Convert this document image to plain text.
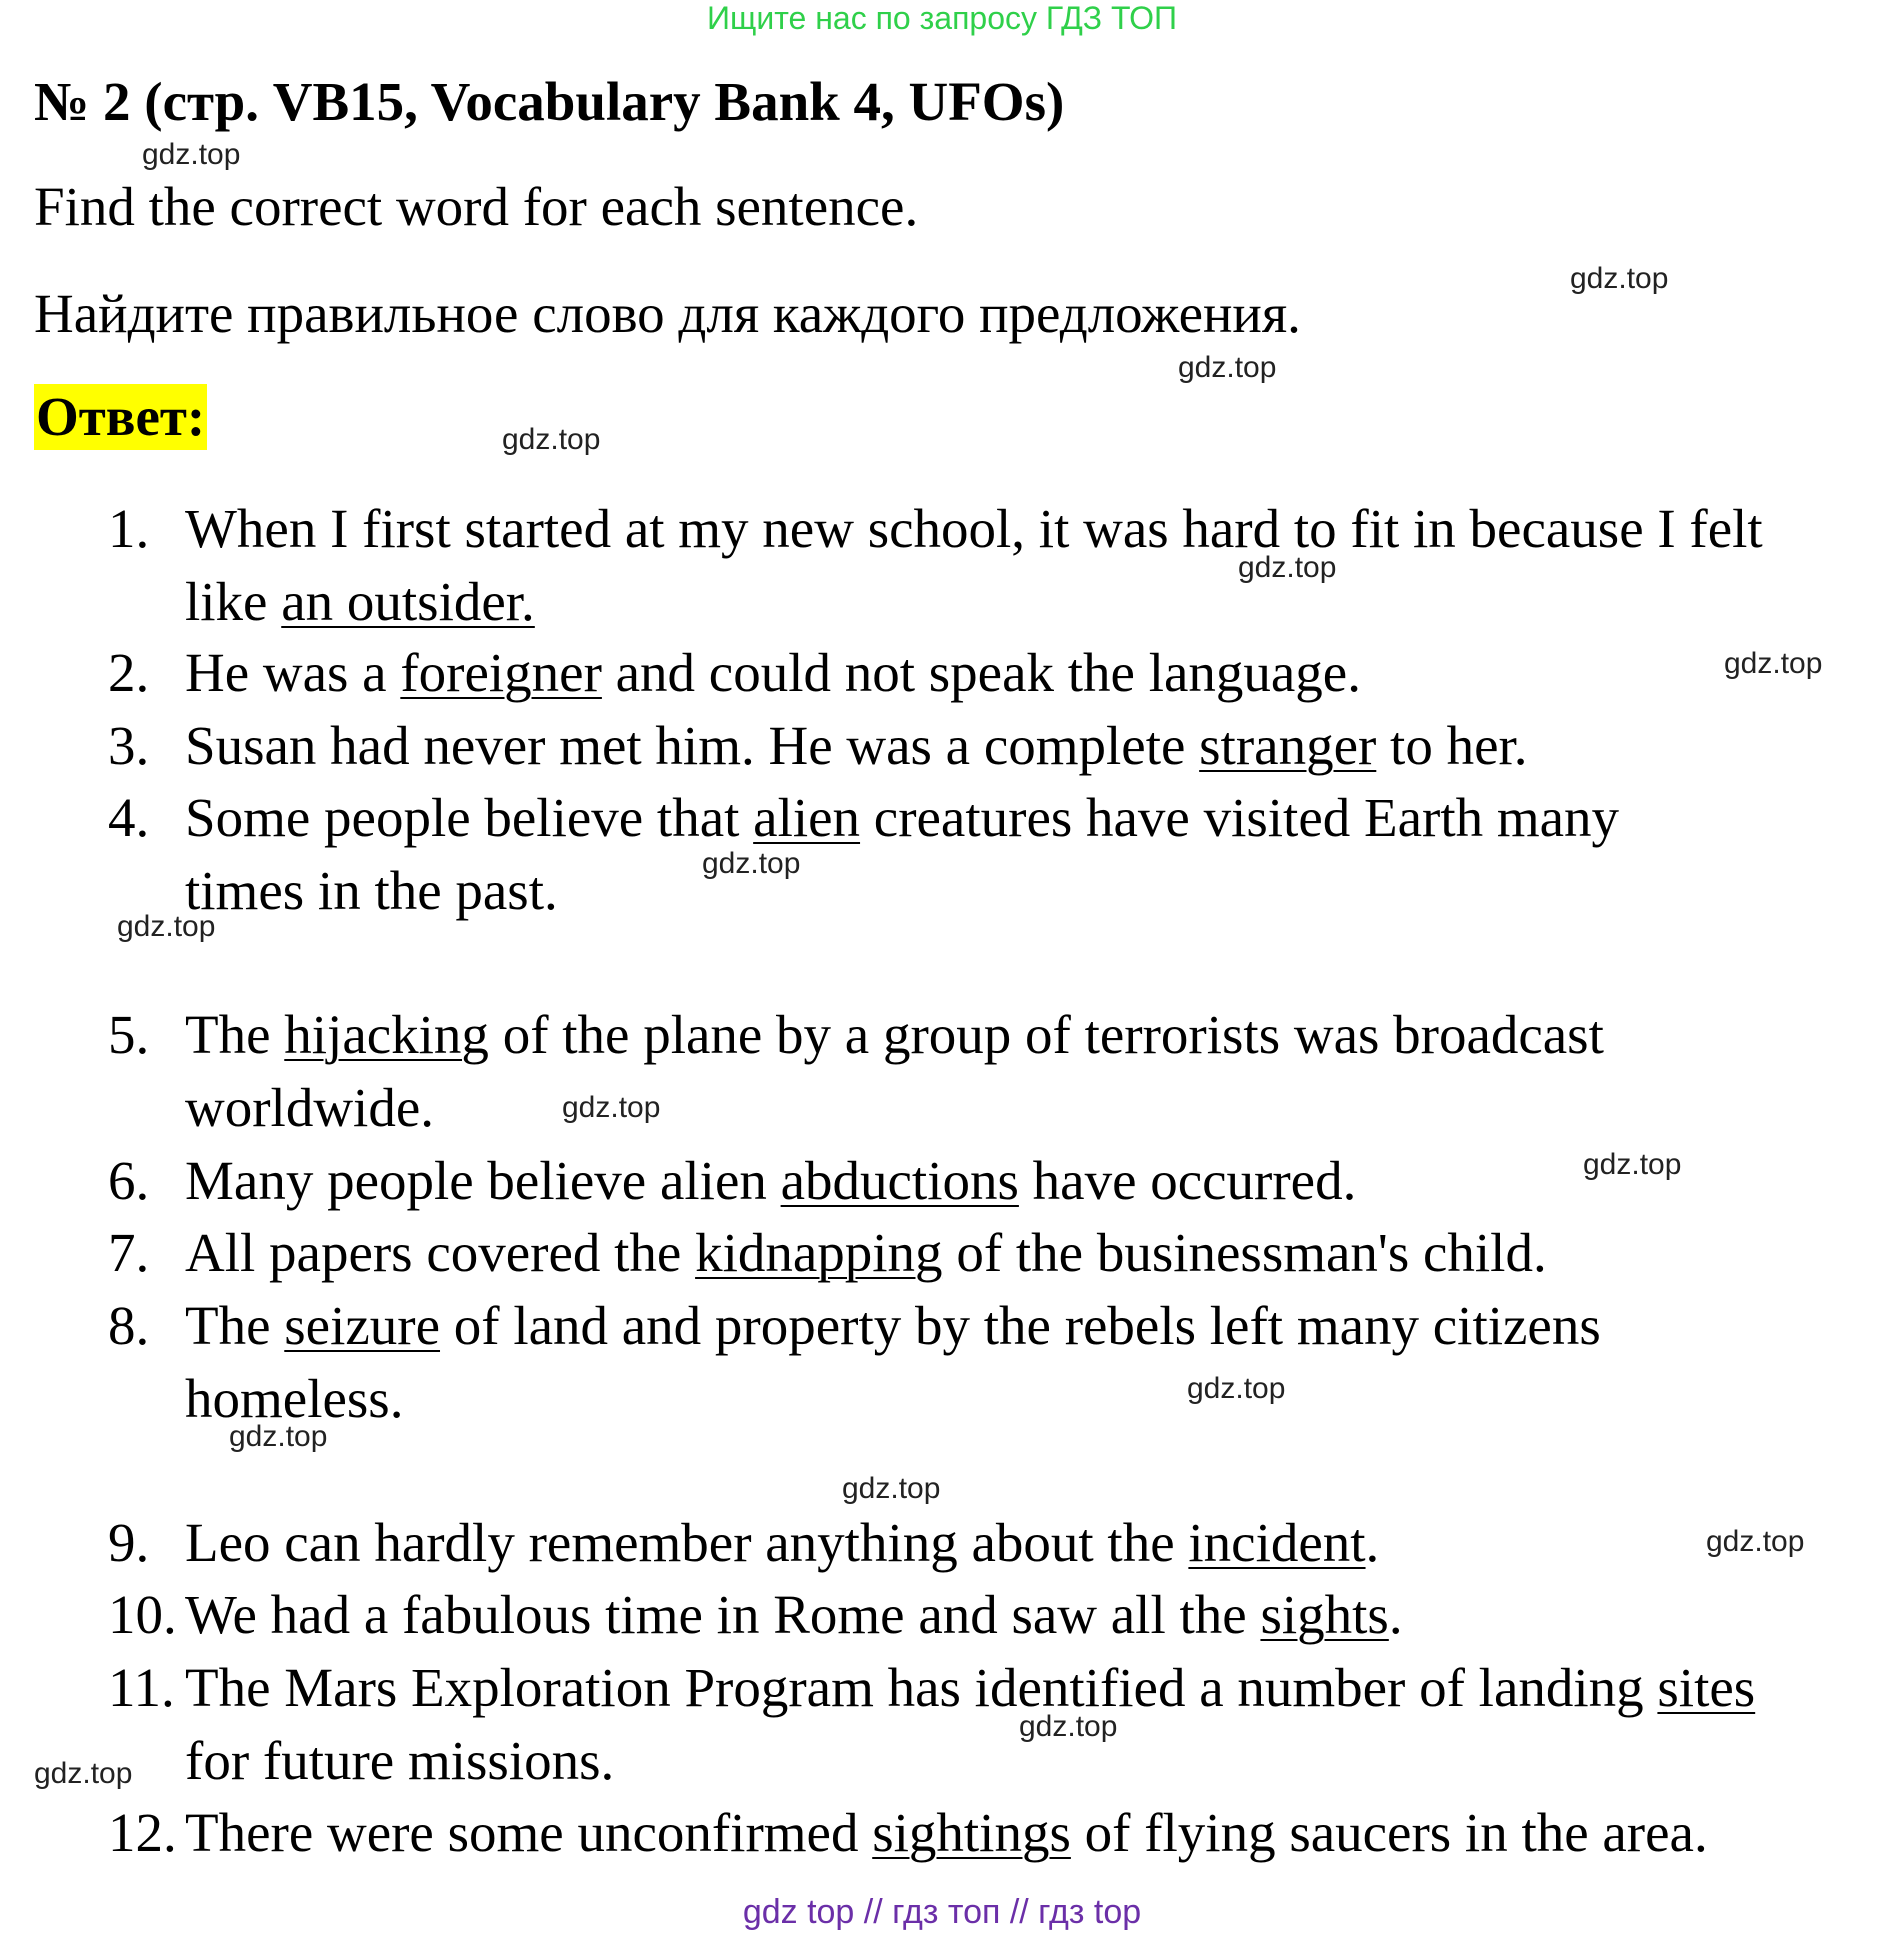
Ищите нас по запросу ГДЗ ТОП
№ 2 (стр. VB15, Vocabulary Bank 4, UFOs)
Find the correct word for each sentence.
Найдите правильное слово для каждого предложения.
Ответ:
1. When I first started at my new school, it was hard to fit in because I felt like an outsider.
2. He was a foreigner and could not speak the language.
3. Susan had never met him. He was a complete stranger to her.
4. Some people believe that alien creatures have visited Earth many times in the past.
5. The hijacking of the plane by a group of terrorists was broadcast worldwide.
6. Many people believe alien abductions have occurred.
7. All papers covered the kidnapping of the businessman's child.
8. The seizure of land and property by the rebels left many citizens homeless.
9. Leo can hardly remember anything about the incident.
10. We had a fabulous time in Rome and saw all the sights.
11. The Mars Exploration Program has identified a number of landing sites for future missions.
12. There were some unconfirmed sightings of flying saucers in the area.
gdz.top
gdz.top
gdz.top
gdz.top
gdz.top
gdz.top
gdz.top
gdz.top
gdz.top
gdz.top
gdz.top
gdz.top
gdz.top
gdz.top
gdz.top
gdz.top
gdz top // гдз топ // гдз top
